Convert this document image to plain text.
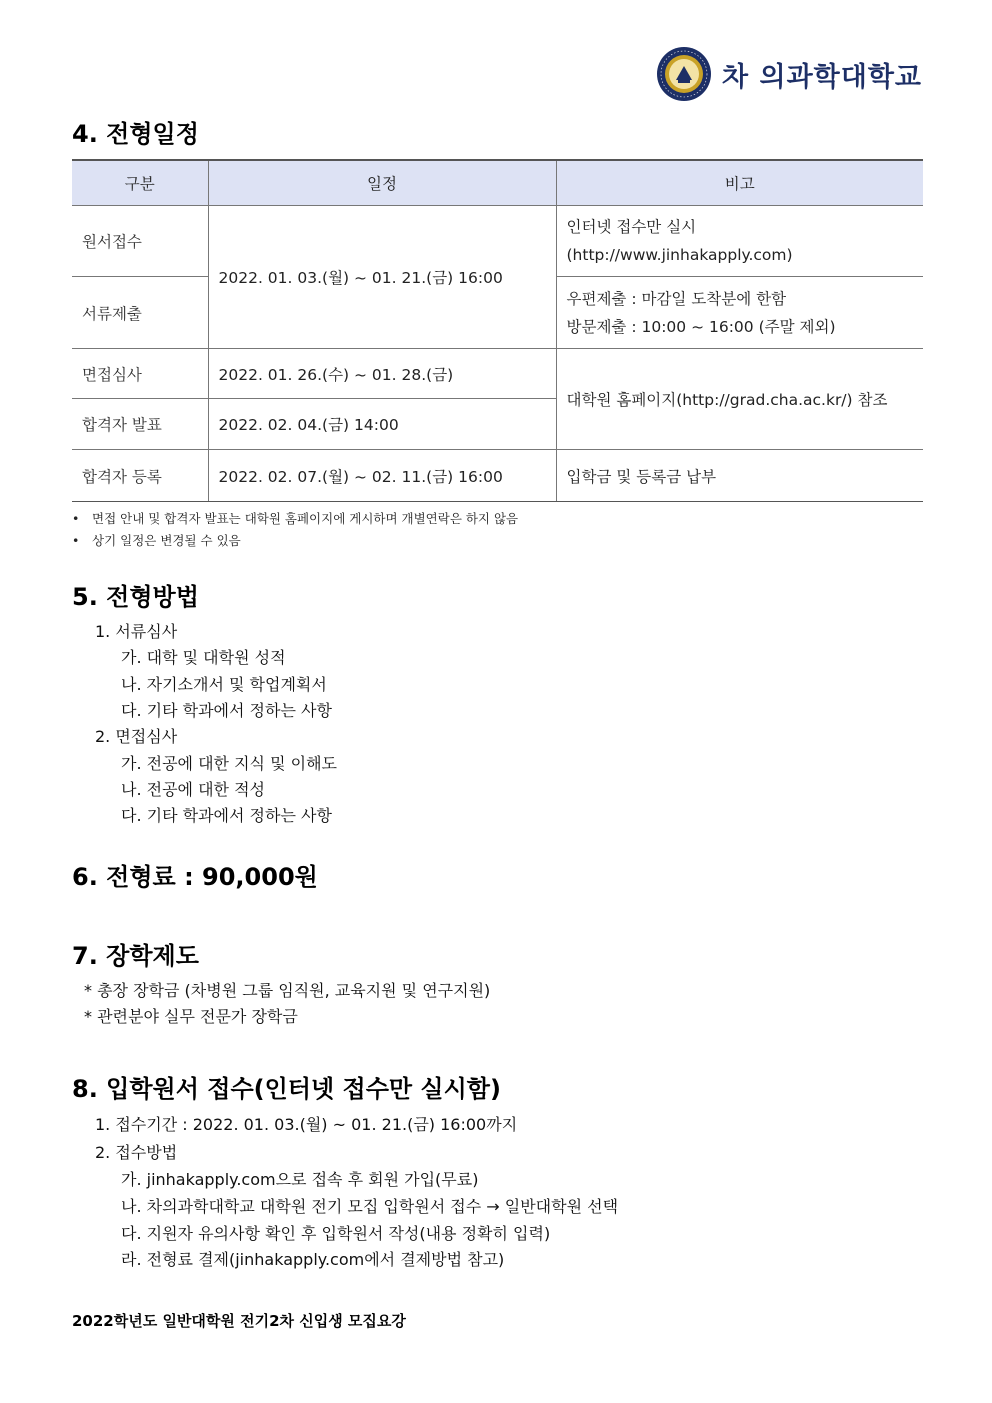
차 의과학대학교
4. 전형일정
구분	일정	비고
원서접수	2022. 01. 03.(월) ~ 01. 21.(금) 16:00	인터넷 접수만 실시
(http://www.jinhakapply.com)

서류제출		우편제출 : 마감일 도착분에 한함
방문제출 : 10:00 ~ 16:00 (주말 제외)

면접심사	2022. 01. 26.(수) ~ 01. 28.(금)	대학원 홈페이지(http://grad.cha.ac.kr/) 참조
합격자 발표	2022. 02. 04.(금) 14:00	
합격자 등록	2022. 02. 07.(월) ~ 02. 11.(금) 16:00	입학금 및 등록금 납부
• 면접 안내 및 합격자 발표는 대학원 홈페이지에 게시하며 개별연락은 하지 않음
• 상기 일정은 변경될 수 있음
5. 전형방법
1. 서류심사
가. 대학 및 대학원 성적
나. 자기소개서 및 학업계획서
다. 기타 학과에서 정하는 사항
2. 면접심사
가. 전공에 대한 지식 및 이해도
나. 전공에 대한 적성
다. 기타 학과에서 정하는 사항
6. 전형료 : 90,000원
7. 장학제도
* 총장 장학금 (차병원 그룹 임직원, 교육지원 및 연구지원)
* 관련분야 실무 전문가 장학금
8. 입학원서 접수(인터넷 접수만 실시함)
1. 접수기간 : 2022. 01. 03.(월) ~ 01. 21.(금) 16:00까지
2. 접수방법
가. jinhakapply.com으로 접속 후 회원 가입(무료)
나. 차의과학대학교 대학원 전기 모집 입학원서 접수 → 일반대학원 선택
다. 지원자 유의사항 확인 후 입학원서 작성(내용 정확히 입력)
라. 전형료 결제(jinhakapply.com에서 결제방법 참고)
2022학년도 일반대학원 전기2차 신입생 모집요강
